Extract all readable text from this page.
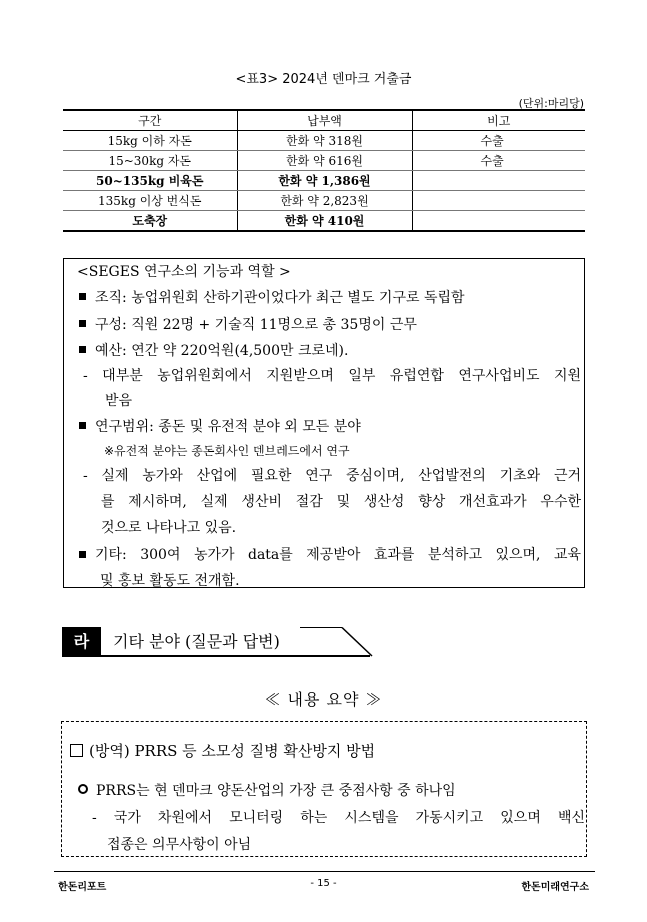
<표3> 2024년 덴마크 거출금
(단위:마리당)
구간	납부액	비고
15kg 이하 자돈	한화 약 318원	수출
15~30kg 자돈	한화 약 616원	수출
50~135kg 비육돈	한화 약 1,386원	
135kg 이상 번식돈	한화 약 2,823원	
도축장	한화 약 410원	
<SEGES 연구소의 기능과 역할 >
조직: 농업위원회 산하기관이었다가 최근 별도 기구로 독립함
구성: 직원 22명 + 기술직 11명으로 총 35명이 근무
예산: 연간 약 220억원(4,500만 크로네).
- 대부분 농업위원회에서 지원받으며 일부 유럽연합 연구사업비도 지원
받음
연구범위: 종돈 및 유전적 분야 외 모든 분야
※유전적 분야는 종돈회사인 덴브레드에서 연구
- 실제 농가와 산업에 필요한 연구 중심이며, 산업발전의 기초와 근거
를 제시하며, 실제 생산비 절감 및 생산성 향상 개선효과가 우수한
것으로 나타나고 있음.
기타: 300여 농가가 data를 제공받아 효과를 분석하고 있으며, 교육
및 홍보 활동도 전개함.
라	기타 분야 (질문과 답변)
≪ 내용 요약 ≫
(방역) PRRS 등 소모성 질병 확산방지 방법
PRRS는 현 덴마크 양돈산업의 가장 큰 중점사항 중 하나임
- 국가 차원에서 모니터링 하는 시스템을 가동시키고 있으며 백신
접종은 의무사항이 아님
한돈리포트	- 15 -	한돈미래연구소
